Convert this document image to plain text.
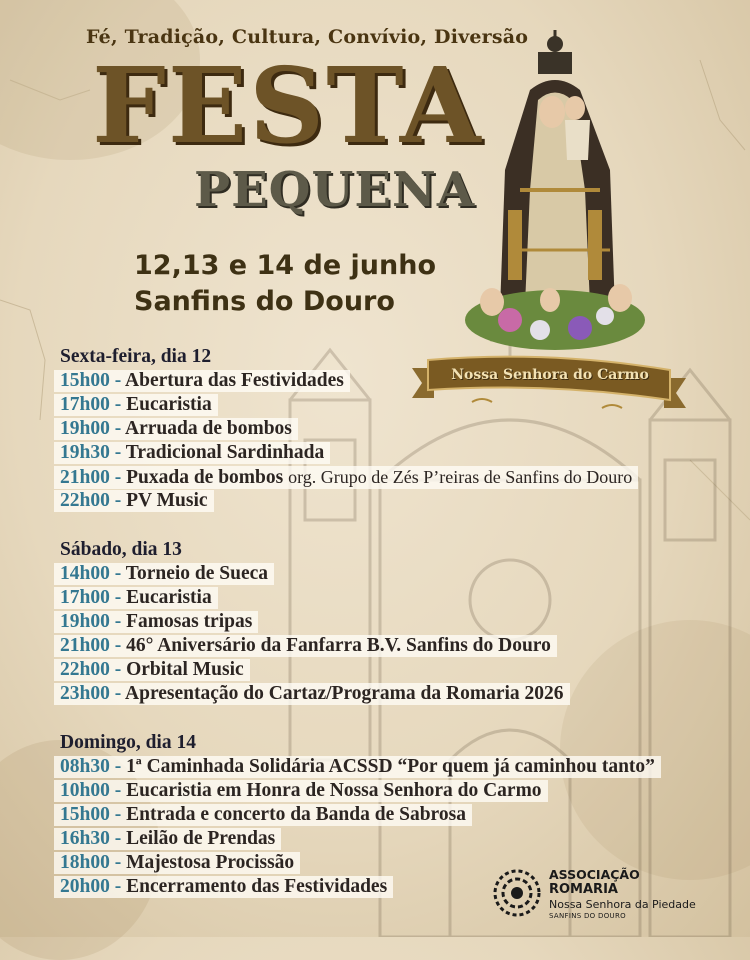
Fé, Tradição, Cultura, Convívio, Diversão
FESTA
PEQUENA
12,13 e 14 de junho
Sanfins do Douro
Nossa Senhora do Carmo
Sexta-feira, dia 12
15h00 - Abertura das Festividades
17h00 - Eucaristia
19h00 - Arruada de bombos
19h30 - Tradicional Sardinhada
21h00 - Puxada de bombos org. Grupo de Zés P’reiras de Sanfins do Douro
22h00 - PV Music
Sábado, dia 13
14h00 - Torneio de Sueca
17h00 - Eucaristia
19h00 - Famosas tripas
21h00 - 46° Aniversário da Fanfarra B.V. Sanfins do Douro
22h00 - Orbital Music
23h00 - Apresentação do Cartaz/Programa da Romaria 2026
Domingo, dia 14
08h30 - 1ª Caminhada Solidária ACSSD “Por quem já caminhou tanto”
10h00 - Eucaristia em Honra de Nossa Senhora do Carmo
15h00 - Entrada e concerto da Banda de Sabrosa
16h30 - Leilão de Prendas
18h00 - Majestosa Procissão
20h00 - Encerramento das Festividades
ASSOCIAÇÃO
ROMARIA
Nossa Senhora da Piedade
SANFINS DO DOURO
